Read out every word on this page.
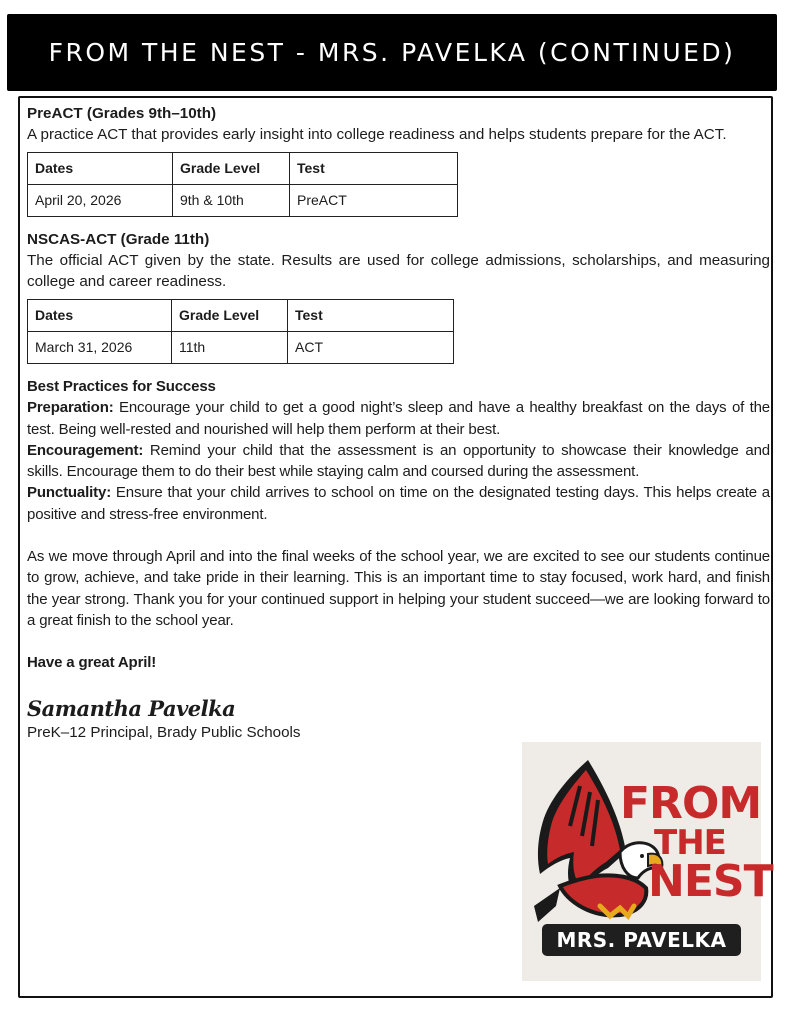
FROM THE NEST - MRS. PAVELKA (CONTINUED)
PreACT (Grades 9th–10th)

A practice ACT that provides early insight into college readiness and helps students prepare for the ACT.

Dates	Grade Level	Test
April 20, 2026	9th & 10th	PreACT
NSCAS-ACT (Grade 11th)

The official ACT given by the state. Results are used for college admissions, scholarships, and measuring college and career readiness.

Dates	Grade Level	Test
March 31, 2026	11th	ACT
Best Practices for Success

Preparation: Encourage your child to get a good night’s sleep and have a healthy breakfast on the days of the test. Being well-rested and nourished will help them perform at their best.

Encouragement: Remind your child that the assessment is an opportunity to showcase their knowledge and skills. Encourage them to do their best while staying calm and coursed during the assessment.

Punctuality: Ensure that your child arrives to school on time on the designated testing days. This helps create a positive and stress-free environment.

As we move through April and into the final weeks of the school year, we are excited to see our students continue to grow, achieve, and take pride in their learning. This is an important time to stay focused, work hard, and finish the year strong. Thank you for your continued support in helping your student succeed—we are looking forward to a great finish to the school year.

Have a great April!
Samantha Pavelka
PreK–12 Principal, Brady Public Schools
FROM
THE
NEST
MRS. PAVELKA
